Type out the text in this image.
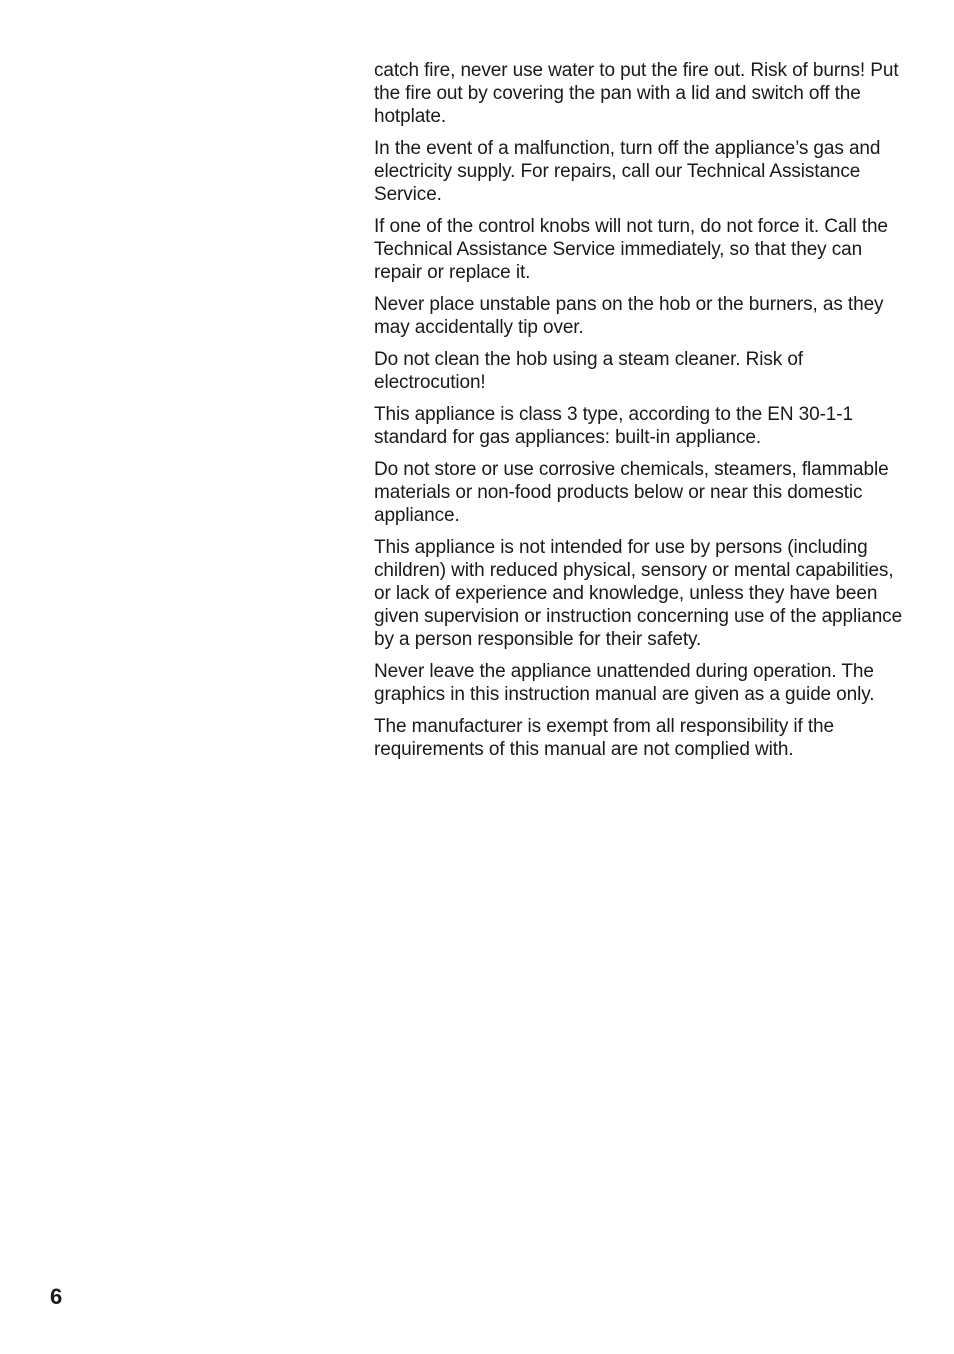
catch fire, never use water to put the fire out. Risk of burns! Put the fire out by covering the pan with a lid and switch off the hotplate.

In the event of a malfunction, turn off the appliance’s gas and electricity supply. For repairs, call our Technical Assistance Service.

If one of the control knobs will not turn, do not force it. Call the Technical Assistance Service immediately, so that they can repair or replace it.

Never place unstable pans on the hob or the burners, as they may accidentally tip over.

Do not clean the hob using a steam cleaner. Risk of electrocution!

This appliance is class 3 type, according to the EN 30-1-1 standard for gas appliances: built-in appliance.

Do not store or use corrosive chemicals, steamers, flammable materials or non-food products below or near this domestic appliance.

This appliance is not intended for use by persons (including children) with reduced physical, sensory or mental capabilities, or lack of experience and knowledge, unless they have been given supervision or instruction concerning use of the appliance by a person responsible for their safety.

Never leave the appliance unattended during operation. The graphics in this instruction manual are given as a guide only.

The manufacturer is exempt from all responsibility if the requirements of this manual are not complied with.

6
